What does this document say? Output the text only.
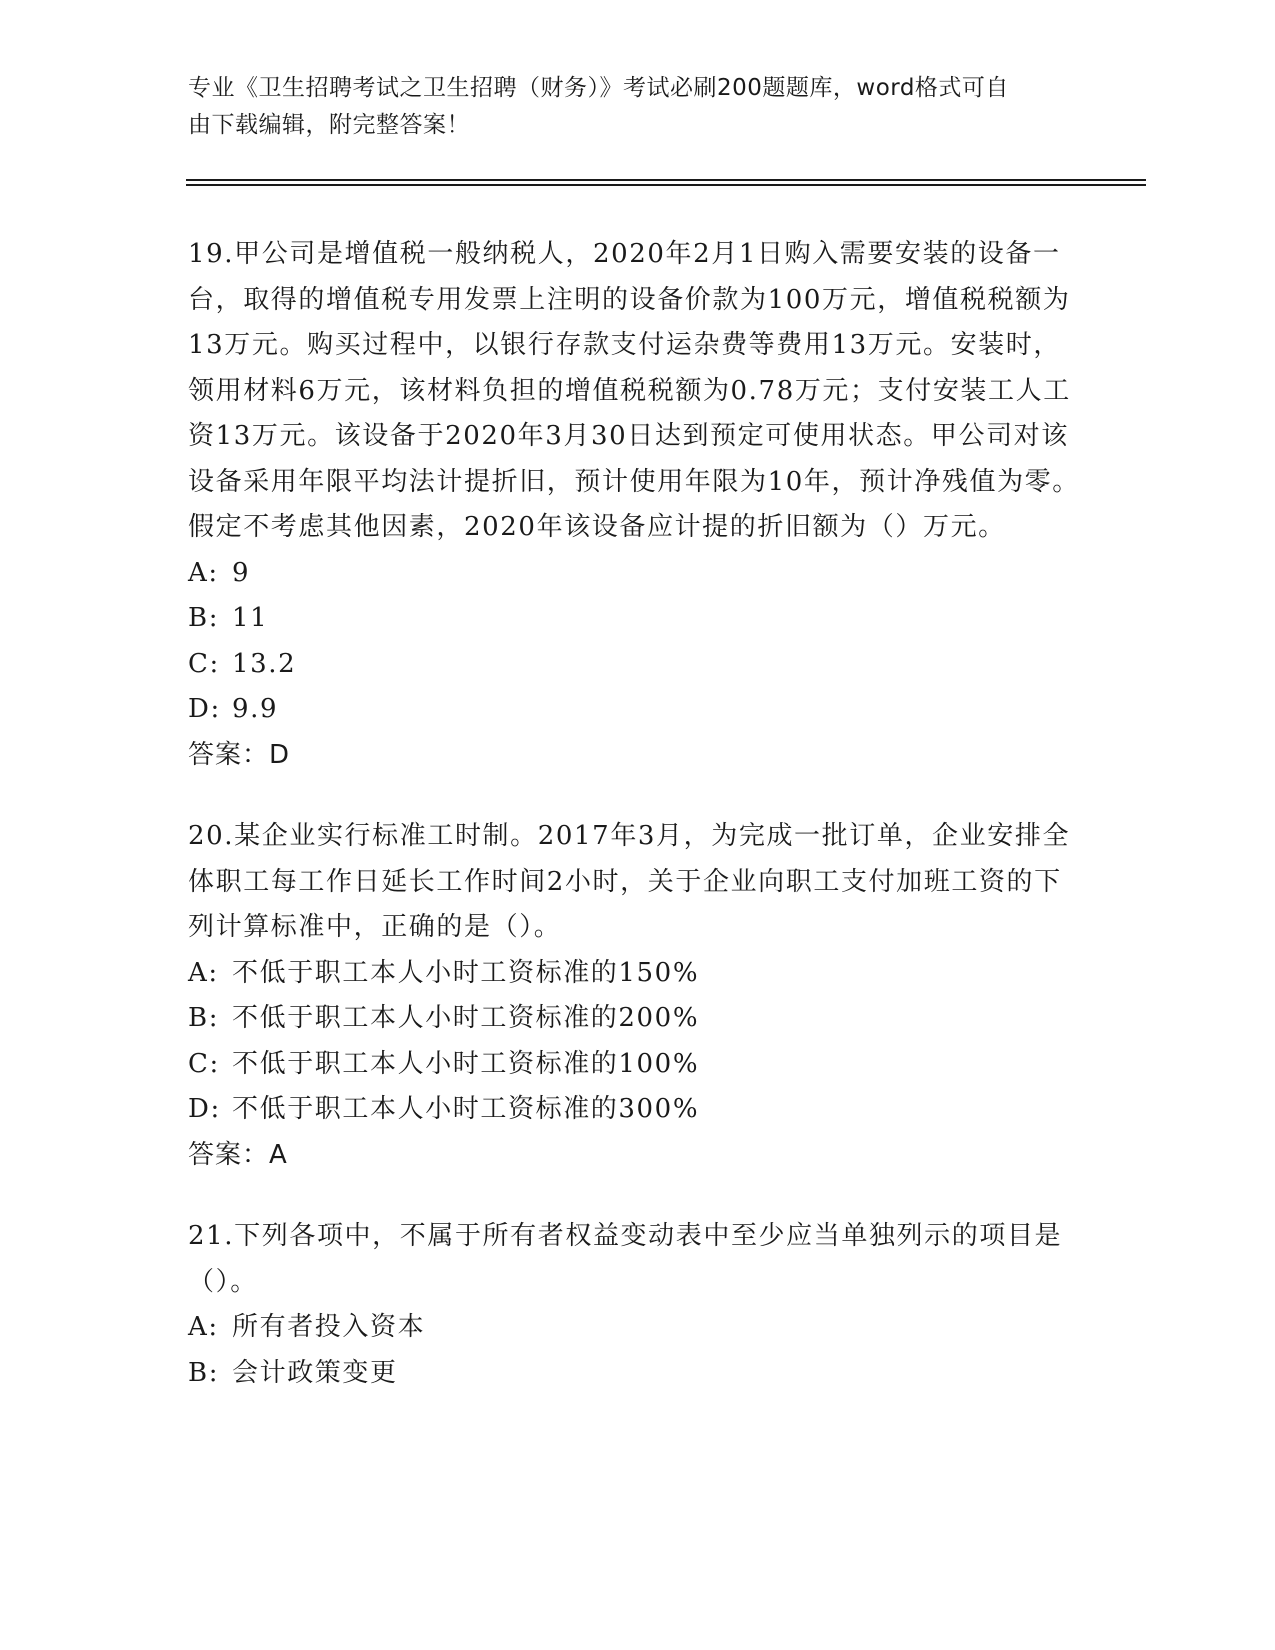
专业《卫生招聘考试之卫生招聘（财务）》考试必刷200题题库，word格式可自
由下载编辑，附完整答案！

19.甲公司是增值税一般纳税人，2020年2月1日购入需要安装的设备一台，取得的增值税专用发票上注明的设备价款为100万元，增值税税额为13万元。购买过程中，以银行存款支付运杂费等费用13万元。安装时，领用材料6万元，该材料负担的增值税税额为0.78万元；支付安装工人工资13万元。该设备于2020年3月30日达到预定可使用状态。甲公司对该设备采用年限平均法计提折旧，预计使用年限为10年，预计净残值为零。假定不考虑其他因素，2020年该设备应计提的折旧额为（）万元。

A: 9

B: 11

C: 13.2

D: 9.9

答案：D

20.某企业实行标准工时制。2017年3月，为完成一批订单，企业安排全体职工每工作日延长工作时间2小时，关于企业向职工支付加班工资的下列计算标准中，正确的是（）。

A: 不低于职工本人小时工资标准的150%

B: 不低于职工本人小时工资标准的200%

C: 不低于职工本人小时工资标准的100%

D: 不低于职工本人小时工资标准的300%

答案：A

21.下列各项中，不属于所有者权益变动表中至少应当单独列示的项目是（）。

A: 所有者投入资本

B: 会计政策变更
